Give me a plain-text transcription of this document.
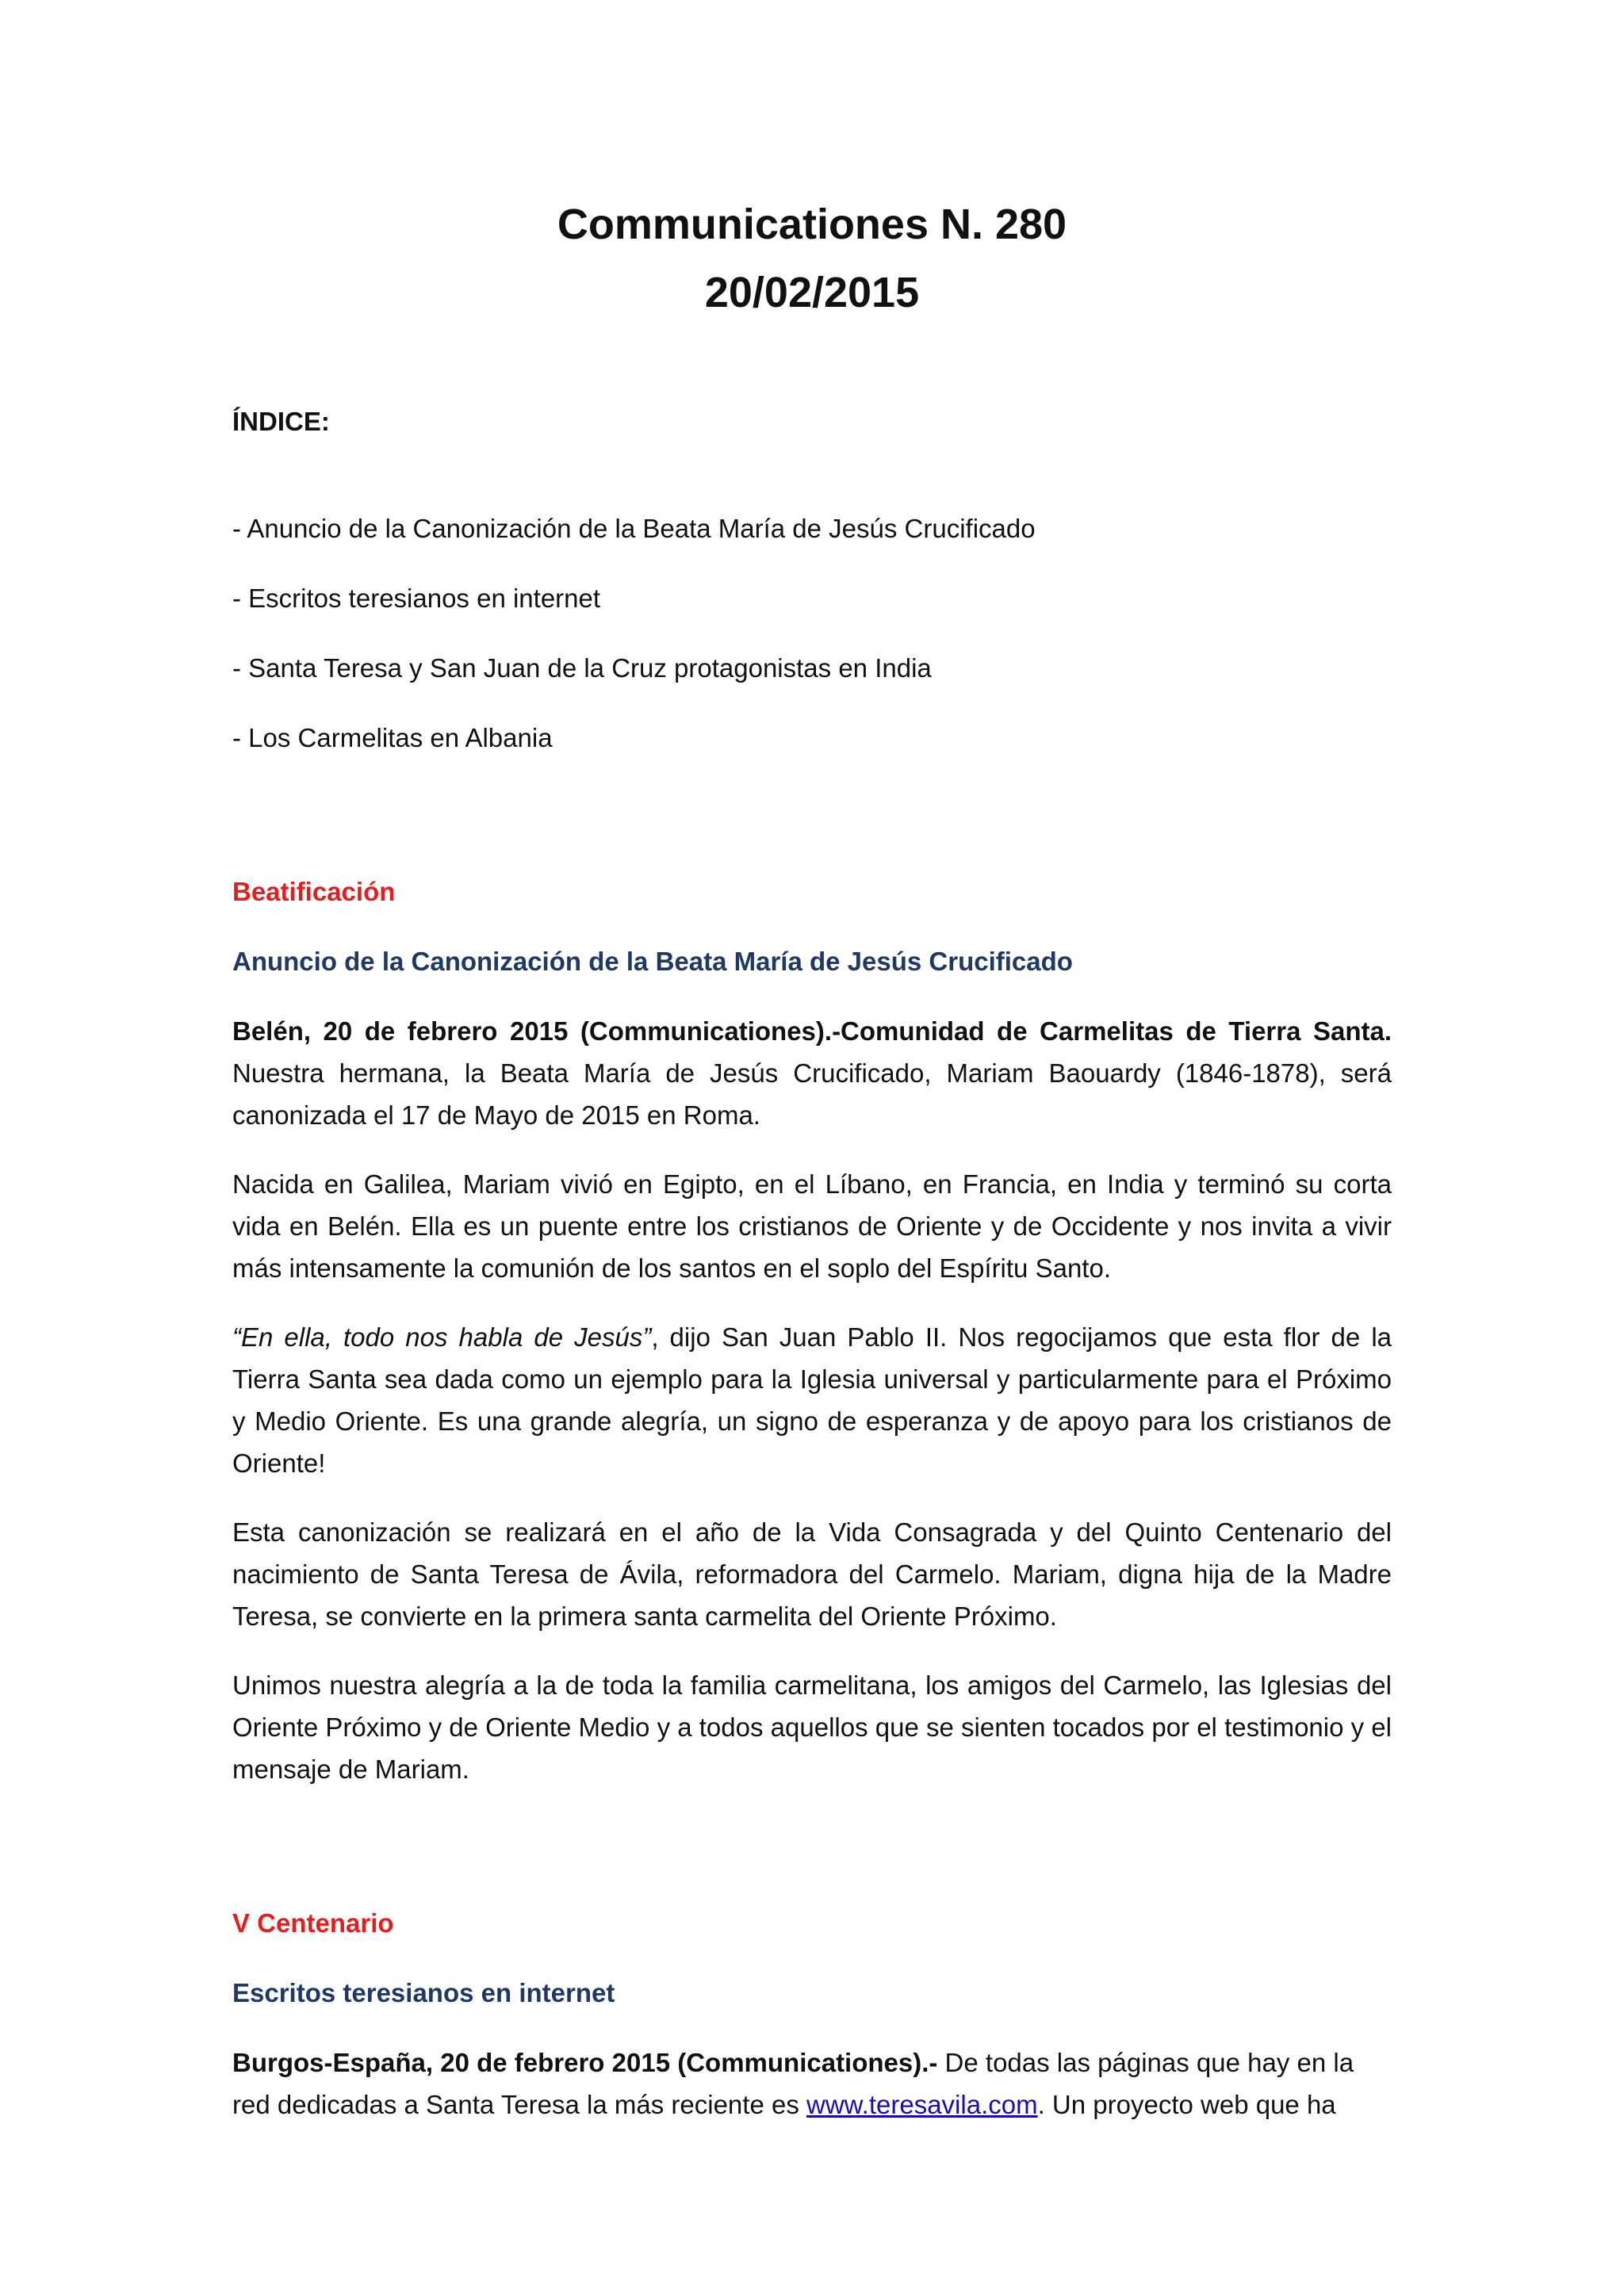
Communicationes N. 280
20/02/2015
ÍNDICE:
- Anuncio de la Canonización de la Beata María de Jesús Crucificado
- Escritos teresianos en internet
- Santa Teresa y San Juan de la Cruz protagonistas en India
- Los Carmelitas en Albania
Beatificación
Anuncio de la Canonización de la Beata María de Jesús Crucificado

Belén, 20 de febrero 2015 (Communicationes).-Comunidad de Carmelitas de Tierra Santa. Nuestra hermana, la Beata María de Jesús Crucificado, Mariam Baouardy (1846-1878), será canonizada el 17 de Mayo de 2015 en Roma.

Nacida en Galilea, Mariam vivió en Egipto, en el Líbano, en Francia, en India y terminó su corta vida en Belén. Ella es un puente entre los cristianos de Oriente y de Occidente y nos invita a vivir más intensamente la comunión de los santos en el soplo del Espíritu Santo.

“En ella, todo nos habla de Jesús”, dijo San Juan Pablo II. Nos regocijamos que esta flor de la Tierra Santa sea dada como un ejemplo para la Iglesia universal y particularmente para el Próximo y Medio Oriente. Es una grande alegría, un signo de esperanza y de apoyo para los cristianos de Oriente!

Esta canonización se realizará en el año de la Vida Consagrada y del Quinto Centenario del nacimiento de Santa Teresa de Ávila, reformadora del Carmelo. Mariam, digna hija de la Madre Teresa, se convierte en la primera santa carmelita del Oriente Próximo.

Unimos nuestra alegría a la de toda la familia carmelitana, los amigos del Carmelo, las Iglesias del Oriente Próximo y de Oriente Medio y a todos aquellos que se sienten tocados por el testimonio y el mensaje de Mariam.

V Centenario
Escritos teresianos en internet

Burgos-España, 20 de febrero 2015 (Communicationes).- De todas las páginas que hay en la red dedicadas a Santa Teresa la más reciente es www.teresavila.com. Un proyecto web que ha
